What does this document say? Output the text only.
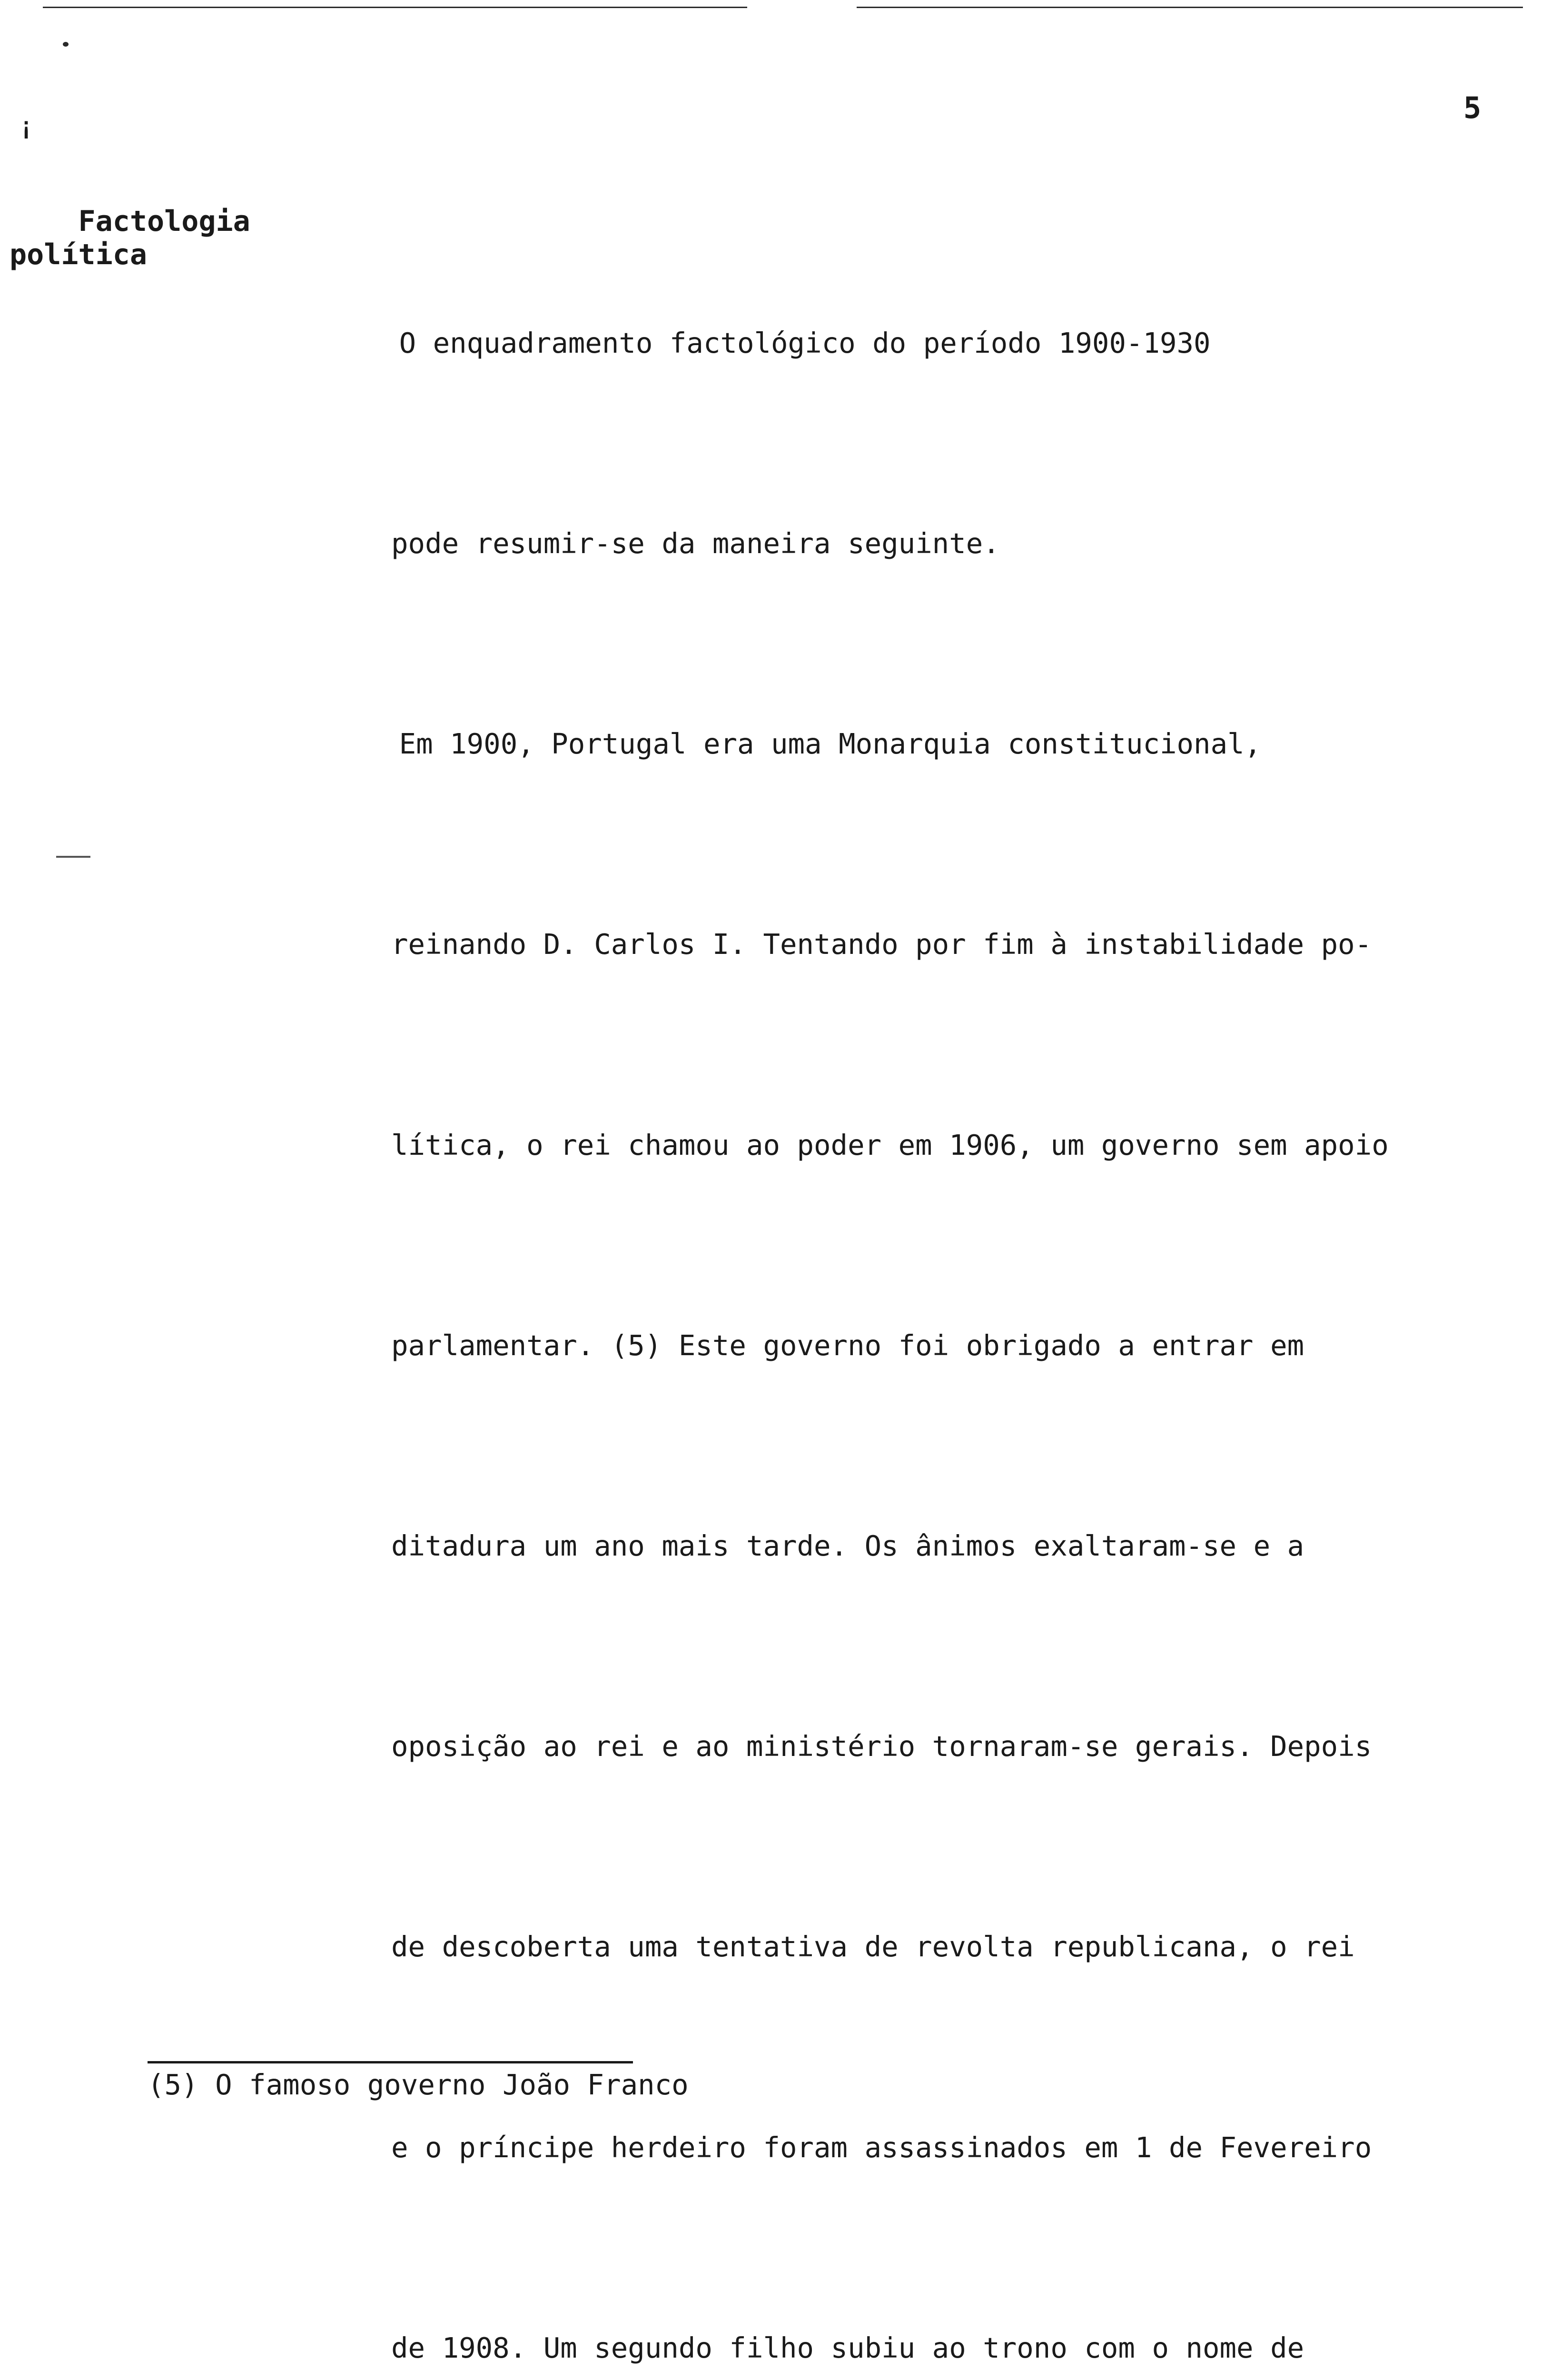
5

¡

Factologia
política

O enquadramento factológico do período 1900-1930

pode resumir-se da maneira seguinte.

Em 1900, Portugal era uma Monarquia constitucional,

reinando D. Carlos I. Tentando por fim à instabilidade po-

lítica, o rei chamou ao poder em 1906, um governo sem apoio

parlamentar. (5) Este governo foi obrigado a entrar em

ditadura um ano mais tarde. Os ânimos exaltaram-se e a

oposição ao rei e ao ministério tornaram-se gerais. Depois

de descoberta uma tentativa de revolta republicana, o rei

e o príncipe herdeiro foram assassinados em 1 de Fevereiro

de 1908. Um segundo filho subiu ao trono com o nome de

(5) O famoso governo João Franco
